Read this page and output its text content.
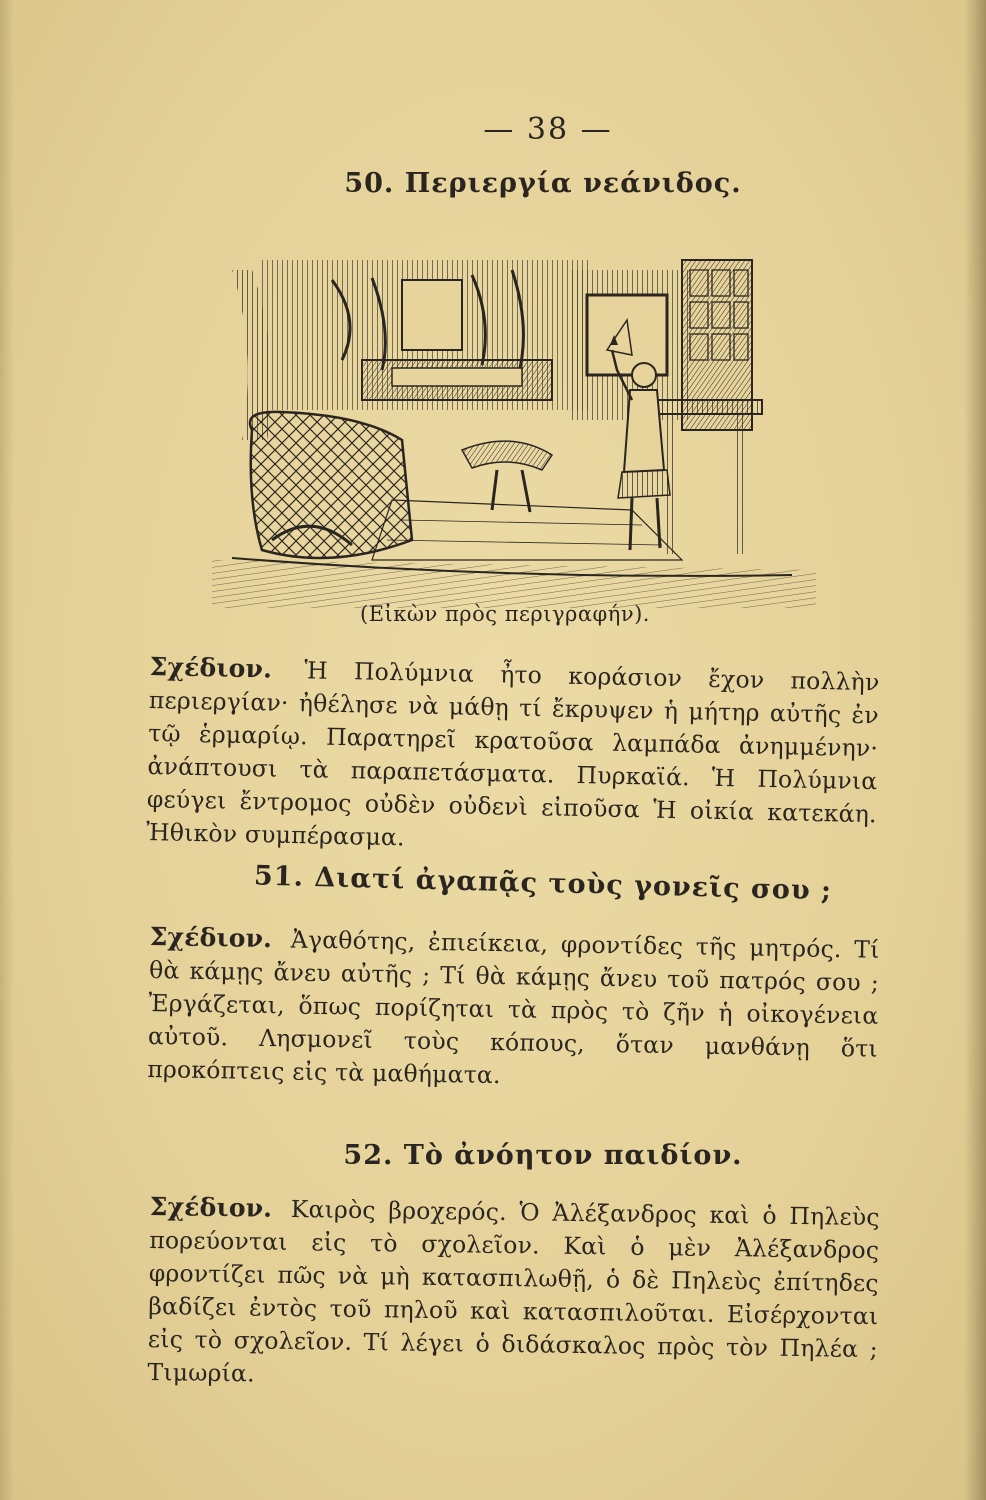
— 38 —
50. Περιεργία νεάνιδος.
(Εἰκὼν πρὸς περιγραφήν).
Σχέδιον. Ἡ Πολύμνια ἦτο κοράσιον ἔχον πολλὴν περιεργίαν· ἠθέλησε νὰ μάθῃ τί ἔκρυψεν ἡ μήτηρ αὐτῆς ἐν τῷ ἑρμαρίῳ. Παρατηρεῖ κρατοῦσα λαμπάδα ἀνημμένην· ἀνάπτουσι τὰ παραπετάσματα. Πυρκαϊά. Ἡ Πολύμνια φεύγει ἔντρομος οὐδὲν οὐδενὶ εἰποῦσα Ἡ οἰκία κατεκάη. Ἠθικὸν συμπέρασμα.
51. Διατί ἀγαπᾷς τοὺς γονεῖς σου ;
Σχέδιον. Ἀγαθότης, ἐπιείκεια, φροντίδες τῆς μητρός. Τί θὰ κάμῃς ἄνευ αὐτῆς ; Τί θὰ κάμῃς ἄνευ τοῦ πατρός σου ; Ἐργάζεται, ὅπως πορίζηται τὰ πρὸς τὸ ζῆν ἡ οἰκογένεια αὐτοῦ. Λησμονεῖ τοὺς κόπους, ὅταν μανθάνῃ ὅτι προκόπτεις εἰς τὰ μαθήματα.
52. Τὸ ἀνόητον παιδίον.
Σχέδιον. Καιρὸς βροχερός. Ὁ Ἀλέξανδρος καὶ ὁ Πηλεὺς πορεύονται εἰς τὸ σχολεῖον. Καὶ ὁ μὲν Ἀλέξανδρος φροντίζει πῶς νὰ μὴ κατασπιλωθῇ, ὁ δὲ Πηλεὺς ἐπίτηδες βαδίζει ἐντὸς τοῦ πηλοῦ καὶ κατασπιλοῦται. Εἰσέρχονται εἰς τὸ σχολεῖον. Τί λέγει ὁ διδάσκαλος πρὸς τὸν Πηλέα ; Τιμωρία.
